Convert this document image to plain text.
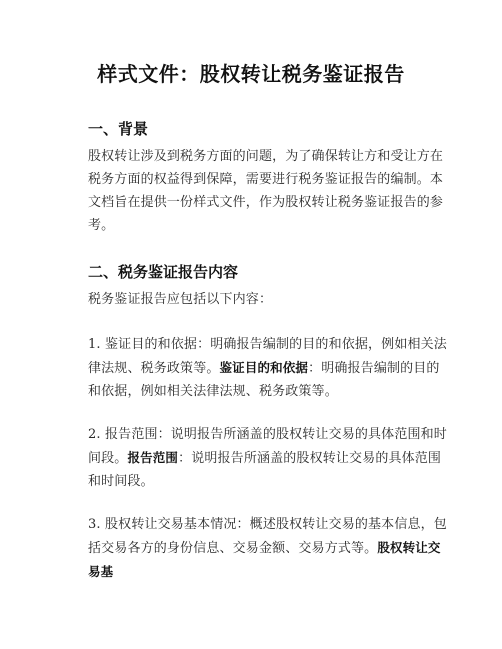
样式文件：股权转让税务鉴证报告
一、背景

股权转让涉及到税务方面的问题，为了确保转让方和受让方在税务方面的权益得到保障，需要进行税务鉴证报告的编制。本文档旨在提供一份样式文件，作为股权转让税务鉴证报告的参考。

二、税务鉴证报告内容

税务鉴证报告应包括以下内容：

1. 鉴证目的和依据：明确报告编制的目的和依据，例如相关法律法规、税务政策等。鉴证目的和依据：明确报告编制的目的和依据，例如相关法律法规、税务政策等。

2. 报告范围：说明报告所涵盖的股权转让交易的具体范围和时间段。报告范围：说明报告所涵盖的股权转让交易的具体范围和时间段。

3. 股权转让交易基本情况：概述股权转让交易的基本信息，包括交易各方的身份信息、交易金额、交易方式等。股权转让交易基
